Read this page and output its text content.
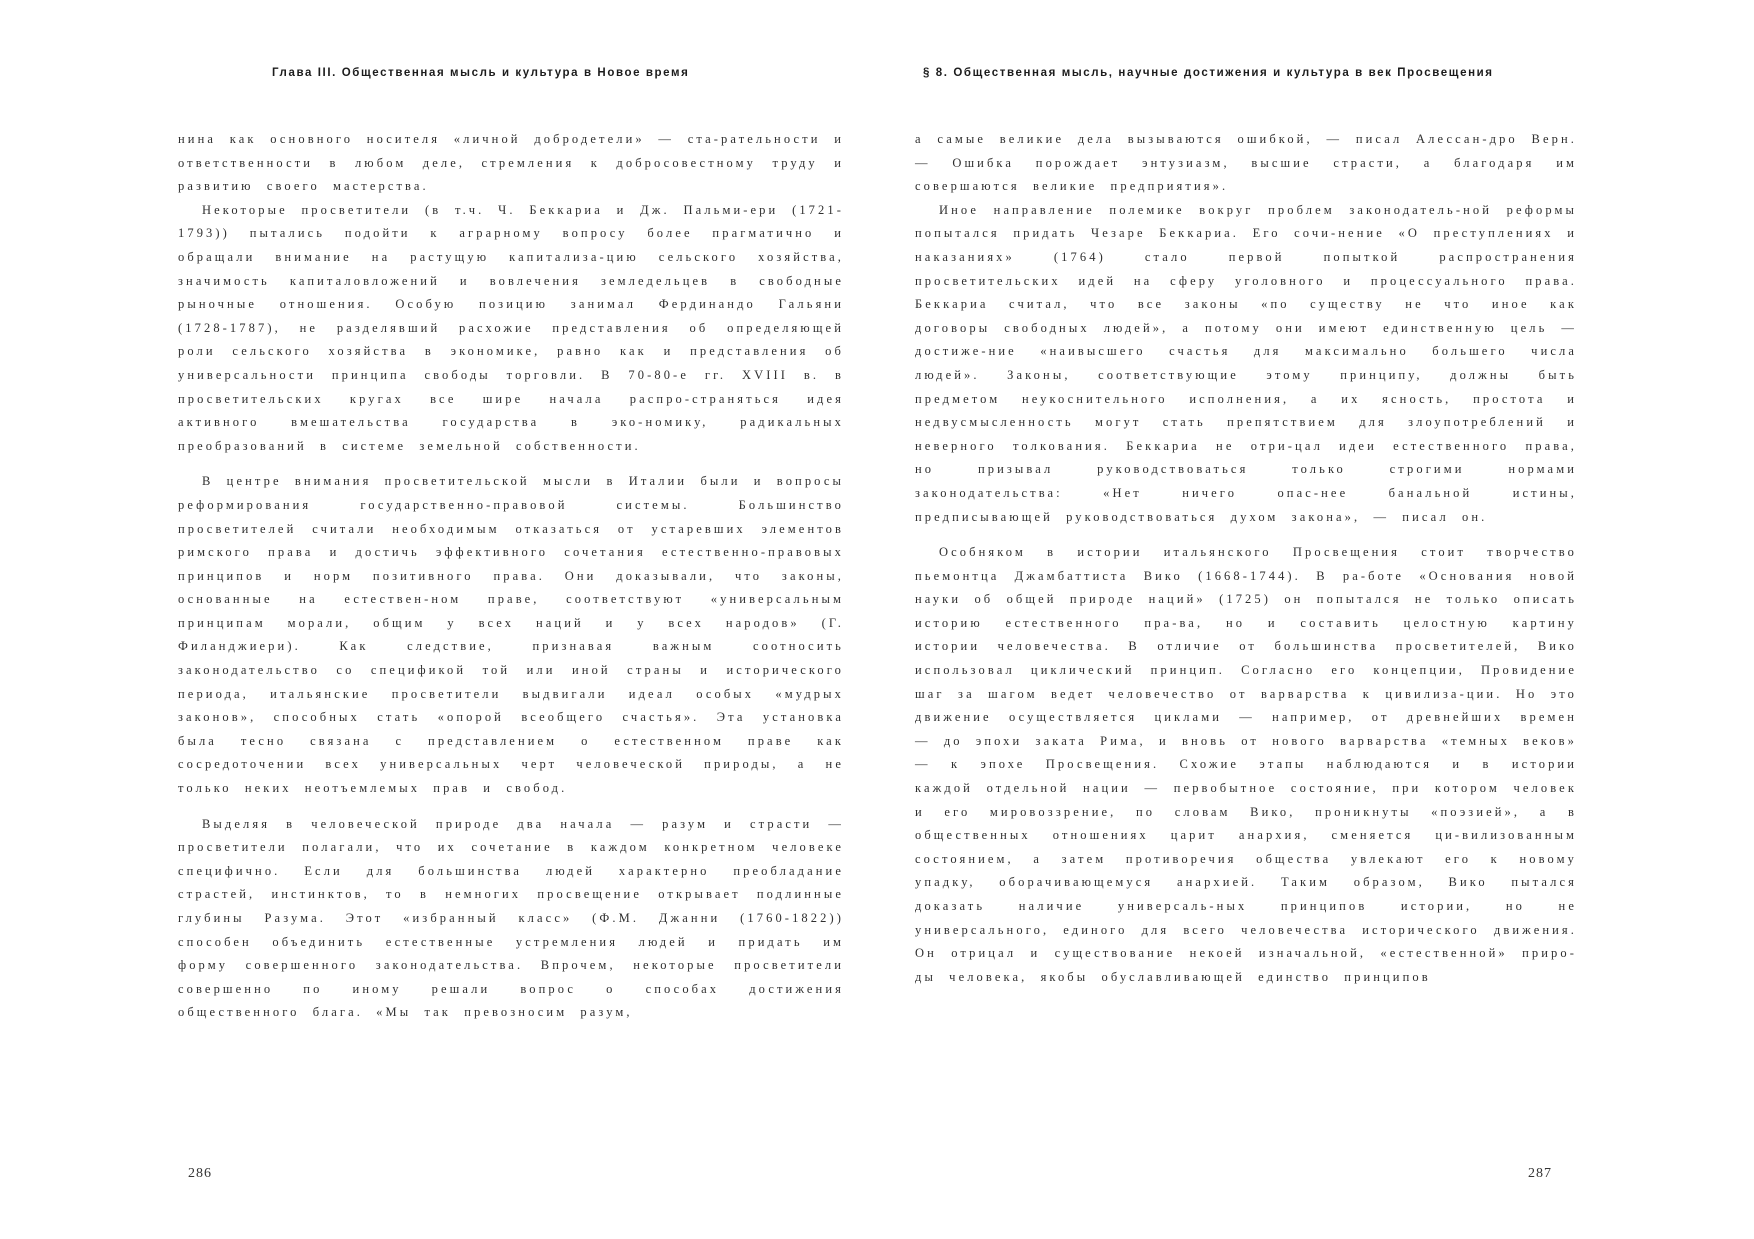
Глава III. Общественная мысль и культура в Новое время

нина как основного носителя «личной добродетели» — ста-рательности и ответственности в любом деле, стремления к добросовестному труду и развитию своего мастерства.

Некоторые просветители (в т.ч. Ч. Беккариа и Дж. Пальми-ери (1721-1793)) пытались подойти к аграрному вопросу более прагматично и обращали внимание на растущую капитализа-цию сельского хозяйства, значимость капиталовложений и вовлечения земледельцев в свободные рыночные отношения. Особую позицию занимал Фердинандо Гальяни (1728-1787), не разделявший расхожие представления об определяющей роли сельского хозяйства в экономике, равно как и представления об универсальности принципа свободы торговли. В 70-80-е гг. XVIII в. в просветительских кругах все шире начала распро-страняться идея активного вмешательства государства в эко-номику, радикальных преобразований в системе земельной собственности.

В центре внимания просветительской мысли в Италии были и вопросы реформирования государственно-правовой системы. Большинство просветителей считали необходимым отказаться от устаревших элементов римского права и достичь эффективного сочетания естественно-правовых принципов и норм позитивного права. Они доказывали, что законы, основанные на естествен-ном праве, соответствуют «универсальным принципам морали, общим у всех наций и у всех народов» (Г. Филанджиери). Как следствие, признавая важным соотносить законодательство со спецификой той или иной страны и исторического периода, итальянские просветители выдвигали идеал особых «мудрых законов», способных стать «опорой всеобщего счастья». Эта установка была тесно связана с представлением о естественном праве как сосредоточении всех универсальных черт человеческой природы, а не только неких неотъемлемых прав и свобод.

Выделяя в человеческой природе два начала — разум и страсти — просветители полагали, что их сочетание в каждом конкретном человеке специфично. Если для большинства людей характерно преобладание страстей, инстинктов, то в немногих просвещение открывает подлинные глубины Разума. Этот «избранный класс» (Ф.М. Джанни (1760-1822)) способен объединить естественные устремления людей и придать им форму совершенного законодательства. Впрочем, некоторые просветители совершенно по иному решали вопрос о способах достижения общественного блага. «Мы так превозносим разум,

286
§ 8. Общественная мысль, научные достижения и культура в век Просвещения

а самые великие дела вызываются ошибкой, — писал Алессан-дро Верн. — Ошибка порождает энтузиазм, высшие страсти, а благодаря им совершаются великие предприятия».

Иное направление полемике вокруг проблем законодатель-ной реформы попытался придать Чезаре Беккариа. Его сочи-нение «О преступлениях и наказаниях» (1764) стало первой попыткой распространения просветительских идей на сферу уголовного и процессуального права. Беккариа считал, что все законы «по существу не что иное как договоры свободных людей», а потому они имеют единственную цель — достиже-ние «наивысшего счастья для максимально большего числа людей». Законы, соответствующие этому принципу, должны быть предметом неукоснительного исполнения, а их ясность, простота и недвусмысленность могут стать препятствием для злоупотреблений и неверного толкования. Беккариа не отри-цал идеи естественного права, но призывал руководствоваться только строгими нормами законодательства: «Нет ничего опас-нее банальной истины, предписывающей руководствоваться духом закона», — писал он.

Особняком в истории итальянского Просвещения стоит творчество пьемонтца Джамбаттиста Вико (1668-1744). В ра-боте «Основания новой науки об общей природе наций» (1725) он попытался не только описать историю естественного пра-ва, но и составить целостную картину истории человечества. В отличие от большинства просветителей, Вико использовал циклический принцип. Согласно его концепции, Провидение шаг за шагом ведет человечество от варварства к цивилиза-ции. Но это движение осуществляется циклами — например, от древнейших времен — до эпохи заката Рима, и вновь от нового варварства «темных веков» — к эпохе Просвещения. Схожие этапы наблюдаются и в истории каждой отдельной нации — первобытное состояние, при котором человек и его мировоззрение, по словам Вико, проникнуты «поэзией», а в общественных отношениях царит анархия, сменяется ци-вилизованным состоянием, а затем противоречия общества увлекают его к новому упадку, оборачивающемуся анархией. Таким образом, Вико пытался доказать наличие универсаль-ных принципов истории, но не универсального, единого для всего человечества исторического движения. Он отрицал и существование некоей изначальной, «естественной» приро-ды человека, якобы обуславливающей единство принципов

287
